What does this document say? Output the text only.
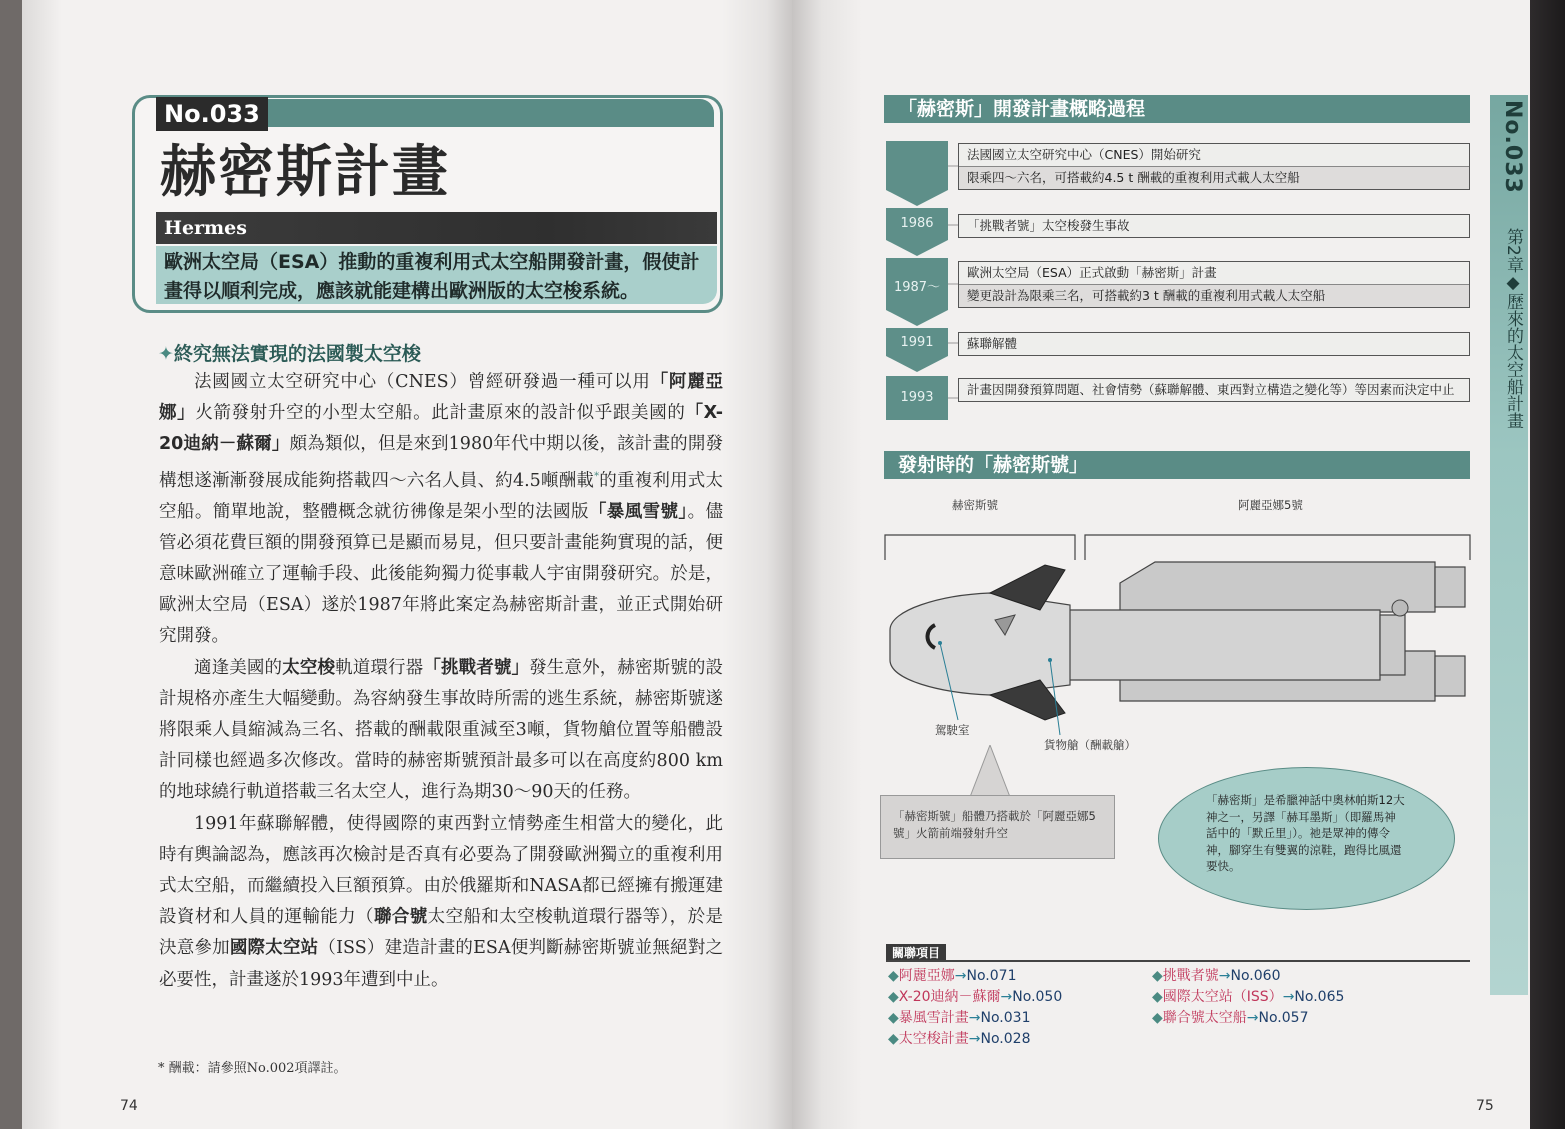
No.033
赫密斯計畫
Hermes
歐洲太空局（ESA）推動的重複利用式太空船開發計畫，假使計畫得以順利完成，應該就能建構出歐洲版的太空梭系統。
✦終究無法實現的法國製太空梭

法國國立太空研究中心（CNES）曾經研發過一種可以用「阿麗亞娜」火箭發射升空的小型太空船。此計畫原來的設計似乎跟美國的「X-20迪納－蘇爾」頗為類似，但是來到1980年代中期以後，該計畫的開發構想遂漸漸發展成能夠搭載四～六名人員、約4.5噸酬載*的重複利用式太空船。簡單地說，整體概念就彷彿像是架小型的法國版「暴風雪號」。儘管必須花費巨額的開發預算已是顯而易見，但只要計畫能夠實現的話，便意味歐洲確立了運輸手段、此後能夠獨力從事載人宇宙開發研究。於是，歐洲太空局（ESA）遂於1987年將此案定為赫密斯計畫，並正式開始研究開發。

適逢美國的太空梭軌道環行器「挑戰者號」發生意外，赫密斯號的設計規格亦產生大幅變動。為容納發生事故時所需的逃生系統，赫密斯號遂將限乘人員縮減為三名、搭載的酬載限重減至3噸，貨物艙位置等船體設計同樣也經過多次修改。當時的赫密斯號預計最多可以在高度約800 km的地球繞行軌道搭載三名太空人，進行為期30～90天的任務。

1991年蘇聯解體，使得國際的東西對立情勢產生相當大的變化，此時有輿論認為，應該再次檢討是否真有必要為了開發歐洲獨立的重複利用式太空船，而繼續投入巨額預算。由於俄羅斯和NASA都已經擁有搬運建設資材和人員的運輸能力（聯合號太空船和太空梭軌道環行器等），於是決意參加國際太空站（ISS）建造計畫的ESA便判斷赫密斯號並無絕對之必要性，計畫遂於1993年遭到中止。

* 酬載：請參照No.002項譯註。
74
「赫密斯」開發計畫概略過程
1986
1987～
1991
1993
法國國立太空研究中心（CNES）開始研究
限乘四～六名，可搭載約4.5 t 酬載的重複利用式載人太空船
「挑戰者號」太空梭發生事故
歐洲太空局（ESA）正式啟動「赫密斯」計畫
變更設計為限乘三名，可搭載約3 t 酬載的重複利用式載人太空船
蘇聯解體
計畫因開發預算問題、社會情勢（蘇聯解體、東西對立構造之變化等）等因素而決定中止
發射時的「赫密斯號」
赫密斯號	阿麗亞娜5號
駕駛室
貨物艙（酬載艙）
「赫密斯號」船體乃搭載於「阿麗亞娜5號」火箭前端發射升空
「赫密斯」是希臘神話中奧林帕斯12大神之一，另譯「赫耳墨斯」（即羅馬神話中的「默丘里」）。祂是眾神的傳令神，腳穿生有雙翼的涼鞋，跑得比風還要快。
關聯項目
◆阿麗亞娜→No.071
◆X-20迪納－蘇爾→No.050
◆暴風雪計畫→No.031
◆太空梭計畫→No.028
◆挑戰者號→No.060
◆國際太空站（ISS）→No.065
◆聯合號太空船→No.057
No.033
第2章◆歷來的太空船計畫
75
